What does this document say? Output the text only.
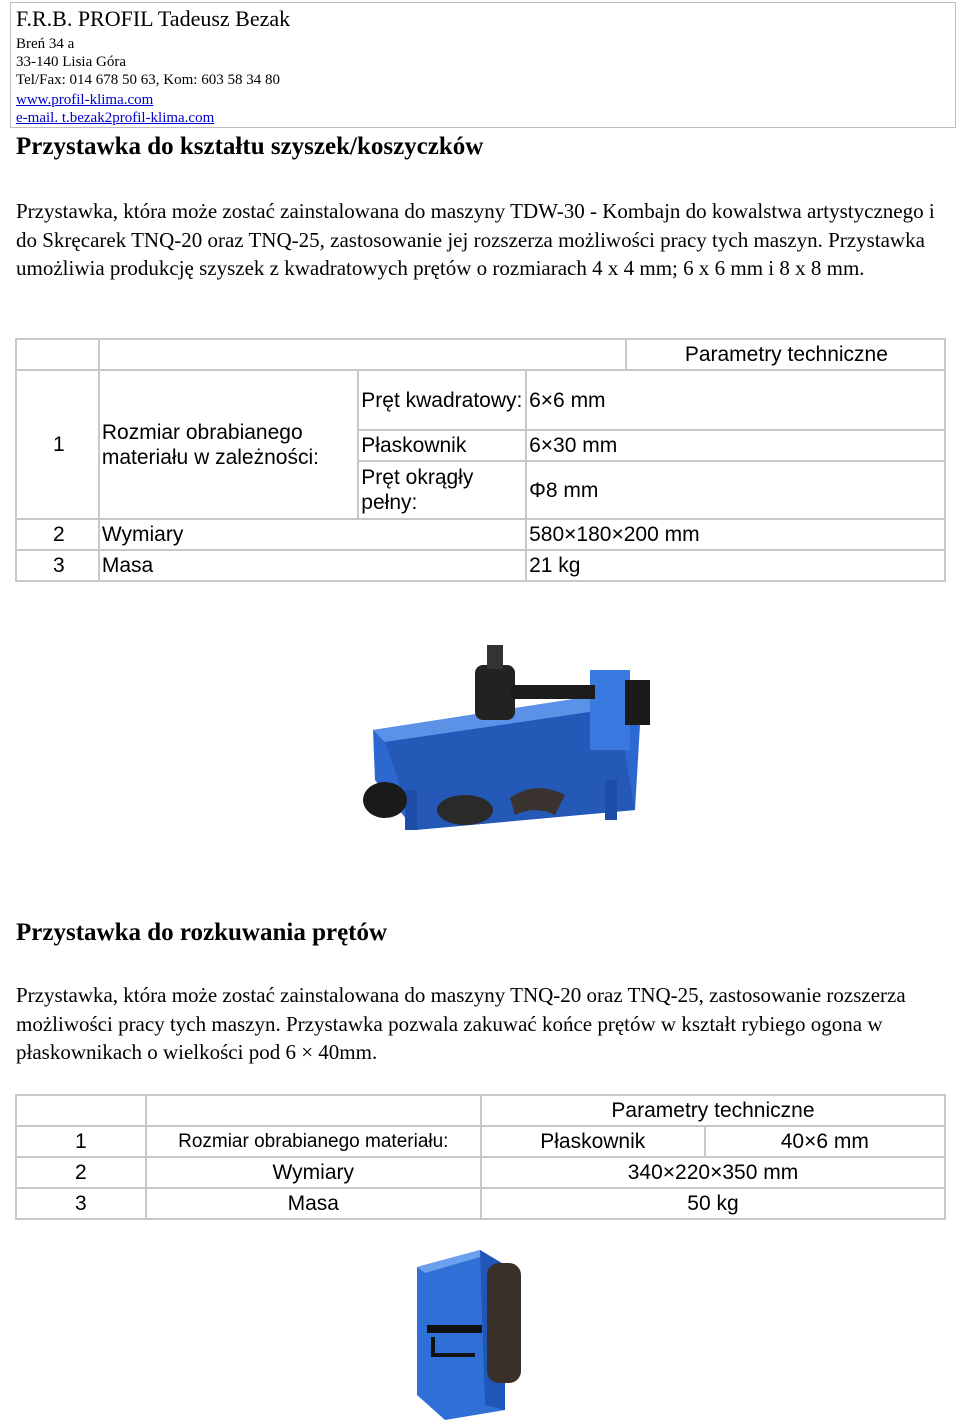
F.R.B. PROFIL Tadeusz Bezak
Breń 34 a
33-140 Lisia Góra
Tel/Fax: 014 678 50 63, Kom: 603 58 34 80
www.profil-klima.com
e-mail. t.bezak2profil-klima.com
Przystawka do kształtu szyszek/koszyczków
Przystawka, która może zostać zainstalowana do maszyny TDW-30 - Kombajn do kowalstwa artystycznego i do Skręcarek TNQ-20 oraz TNQ-25, zastosowanie jej rozszerza możliwości pracy tych maszyn. Przystawka umożliwia produkcję szyszek z kwadratowych prętów o rozmiarach 4 x 4 mm; 6 x 6 mm i 8 x 8 mm.
				Parametry techniczne
1	Rozmiar obrabianego materiału w zależności:	Pręt kwadratowy:	6×6 mm	
		Płaskownik	6×30 mm	
		Pręt okrągły pełny:	Φ8 mm	
2	Wymiary		580×180×200 mm	
3	Masa		21 kg	
Przystawka do rozkuwania prętów
Przystawka, która może zostać zainstalowana do maszyny TNQ-20 oraz TNQ-25, zastosowanie rozszerza możliwości pracy tych maszyn. Przystawka pozwala zakuwać końce prętów w kształt rybiego ogona w płaskownikach o wielkości pod 6 × 40mm.
		Parametry techniczne	
1	Rozmiar obrabianego materiału:	Płaskownik	40×6 mm
2	Wymiary	340×220×350 mm	
3	Masa	50 kg	
